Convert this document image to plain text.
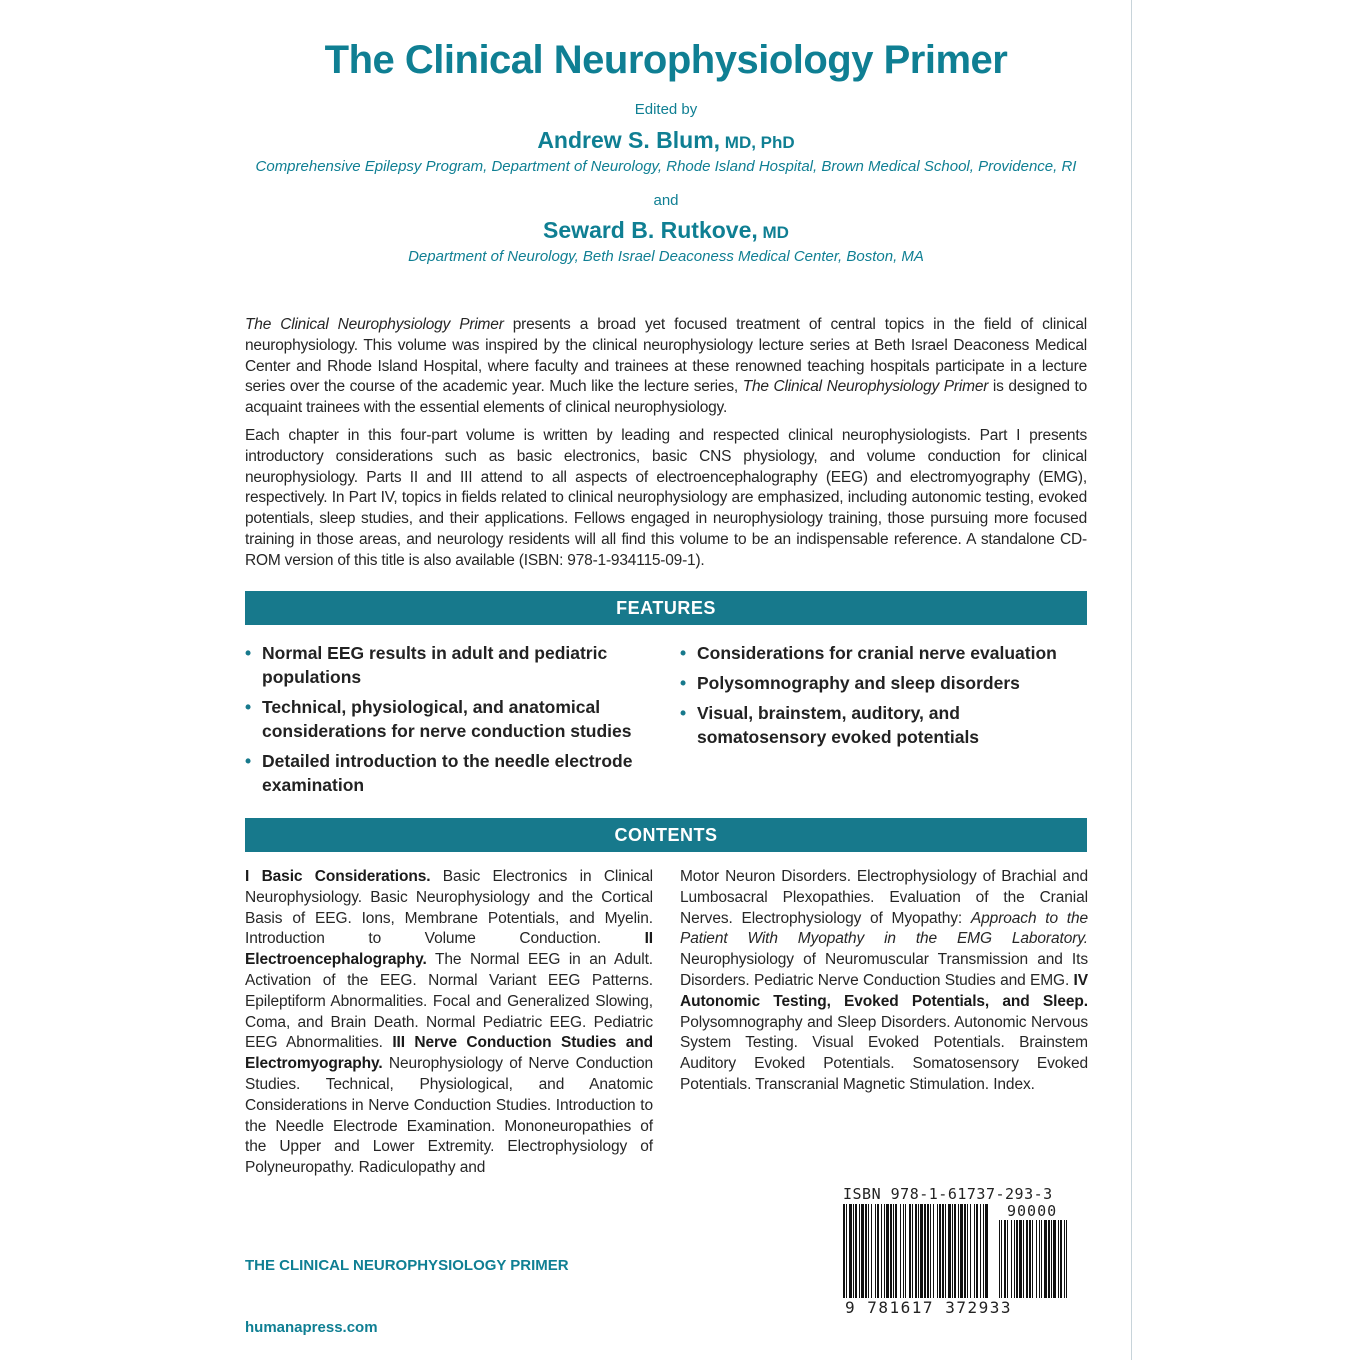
The Clinical Neurophysiology Primer
Edited by
Andrew S. Blum, MD, PhD
Comprehensive Epilepsy Program, Department of Neurology, Rhode Island Hospital, Brown Medical School, Providence, RI
and
Seward B. Rutkove, MD
Department of Neurology, Beth Israel Deaconess Medical Center, Boston, MA

The Clinical Neurophysiology Primer presents a broad yet focused treatment of central topics in the field of clinical neurophysiology. This volume was inspired by the clinical neurophysiology lecture series at Beth Israel Deaconess Medical Center and Rhode Island Hospital, where faculty and trainees at these renowned teaching hospitals participate in a lecture series over the course of the academic year. Much like the lecture series, The Clinical Neurophysiology Primer is designed to acquaint trainees with the essential elements of clinical neurophysiology.

Each chapter in this four-part volume is written by leading and respected clinical neurophysiologists. Part I presents introductory considerations such as basic electronics, basic CNS physiology, and volume conduction for clinical neurophysiology. Parts II and III attend to all aspects of electroencephalography (EEG) and electromyography (EMG), respectively. In Part IV, topics in fields related to clinical neurophysiology are emphasized, including autonomic testing, evoked potentials, sleep studies, and their applications. Fellows engaged in neurophysiology training, those pursuing more focused training in those areas, and neurology residents will all find this volume to be an indispensable reference. A standalone CD-ROM version of this title is also available (ISBN: 978-1-934115-09-1).

FEATURES
• Normal EEG results in adult and pediatric populations
• Technical, physiological, and anatomical considerations for nerve conduction studies
• Detailed introduction to the needle electrode examination
• Considerations for cranial nerve evaluation
• Polysomnography and sleep disorders
• Visual, brainstem, auditory, and somatosensory evoked potentials
CONTENTS
I Basic Considerations. Basic Electronics in Clinical Neurophysiology. Basic Neurophysiology and the Cortical Basis of EEG. Ions, Membrane Potentials, and Myelin. Introduction to Volume Conduction. II Electroencephalography. The Normal EEG in an Adult. Activation of the EEG. Normal Variant EEG Patterns. Epileptiform Abnormalities. Focal and Generalized Slowing, Coma, and Brain Death. Normal Pediatric EEG. Pediatric EEG Abnormalities. III Nerve Conduction Studies and Electromyography. Neurophysiology of Nerve Conduction Studies. Technical, Physiological, and Anatomic Considerations in Nerve Conduction Studies. Introduction to the Needle Electrode Examination. Mononeuropathies of the Upper and Lower Extremity. Electrophysiology of Polyneuropathy. Radiculopathy and
Motor Neuron Disorders. Electrophysiology of Brachial and Lumbosacral Plexopathies. Evaluation of the Cranial Nerves. Electrophysiology of Myopathy: Approach to the Patient With Myopathy in the EMG Laboratory. Neurophysiology of Neuromuscular Transmission and Its Disorders. Pediatric Nerve Conduction Studies and EMG. IV Autonomic Testing, Evoked Potentials, and Sleep. Polysomnography and Sleep Disorders. Autonomic Nervous System Testing. Visual Evoked Potentials. Brainstem Auditory Evoked Potentials. Somatosensory Evoked Potentials. Transcranial Magnetic Stimulation. Index.
ISBN 978-1-61737-293-3
90000
9 781617 372933
THE CLINICAL NEUROPHYSIOLOGY PRIMER
humanapress.com
